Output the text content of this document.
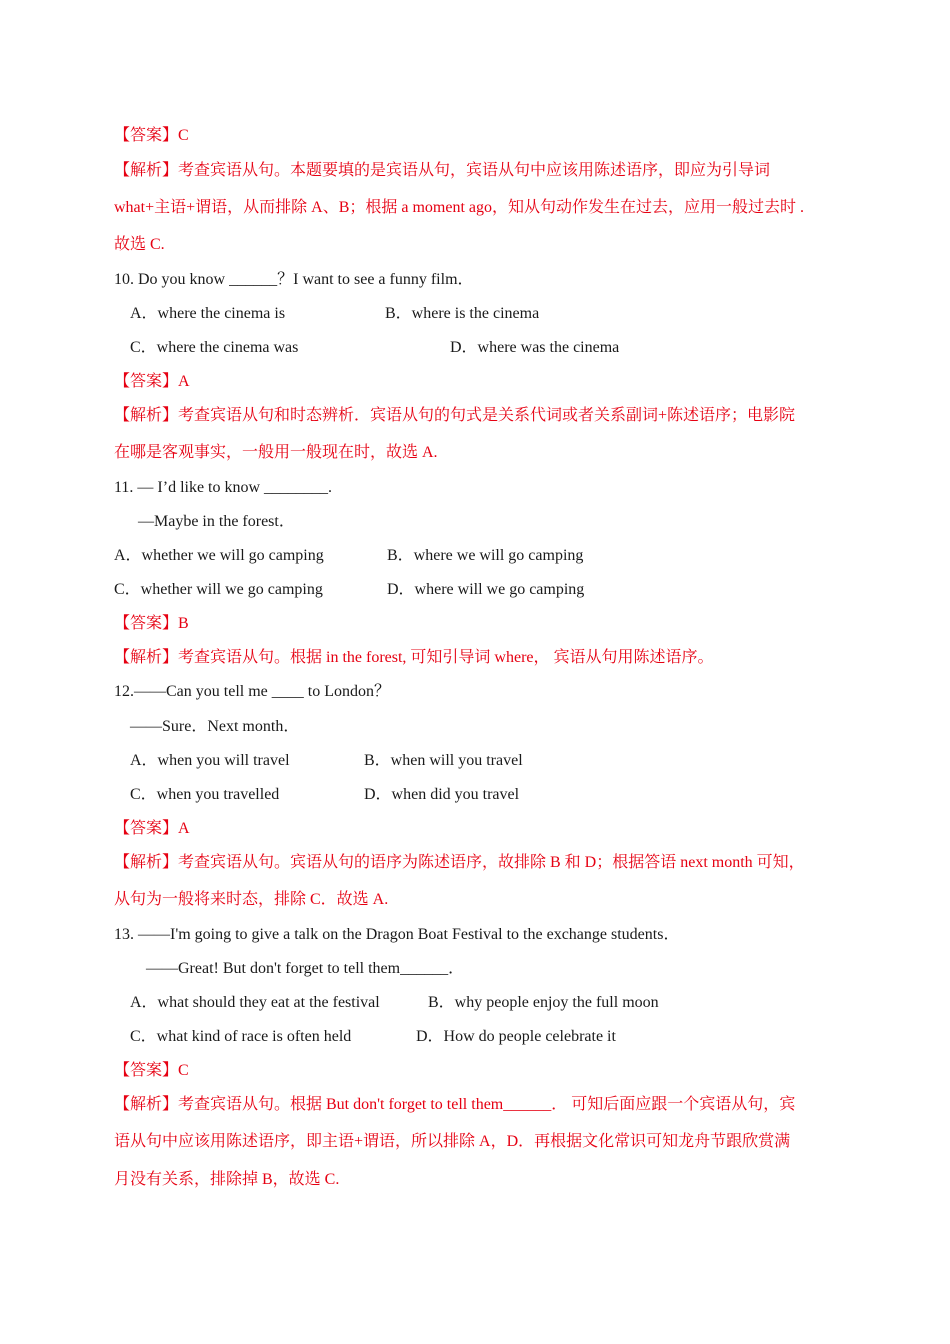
【答案】C
【解析】考查宾语从句。本题要填的是宾语从句，宾语从句中应该用陈述语序，即应为引导词
what+主语+谓语，从而排除 A、B；根据 a moment ago，知从句动作发生在过去，应用一般过去时 .
故选 C.
10. Do you know ______？I want to see a funny film．
A．where the cinema is	B．where is the cinema
C．where the cinema was	D．where was the cinema
【答案】A
【解析】考查宾语从句和时态辨析．宾语从句的句式是关系代词或者关系副词+陈述语序；电影院
在哪是客观事实，一般用一般现在时，故选 A.
11. — I’d like to know ________.
—Maybe in the forest．
A．whether we will go camping	B．where we will go camping
C．whether will we go camping	D．where will we go camping
【答案】B
【解析】考查宾语从句。根据 in the forest, 可知引导词 where， 宾语从句用陈述语序。
12.——Can you tell me ____ to London？
——Sure．Next month．
A．when you will travel	B．when will you travel
C．when you travelled	D．when did you travel
【答案】A
【解析】考查宾语从句。宾语从句的语序为陈述语序，故排除 B 和 D；根据答语 next month 可知，
从句为一般将来时态，排除 C．故选 A.
13. ——I'm going to give a talk on the Dragon Boat Festival to the exchange students．
——Great! But don't forget to tell them______．
A．what should they eat at the festival	B．why people enjoy the full moon
C．what kind of race is often held	D．How do people celebrate it
【答案】C
【解析】考查宾语从句。根据 But don't forget to tell them______． 可知后面应跟一个宾语从句，宾
语从句中应该用陈述语序，即主语+谓语，所以排除 A，D．再根据文化常识可知龙舟节跟欣赏满
月没有关系，排除掉 B，故选 C.
